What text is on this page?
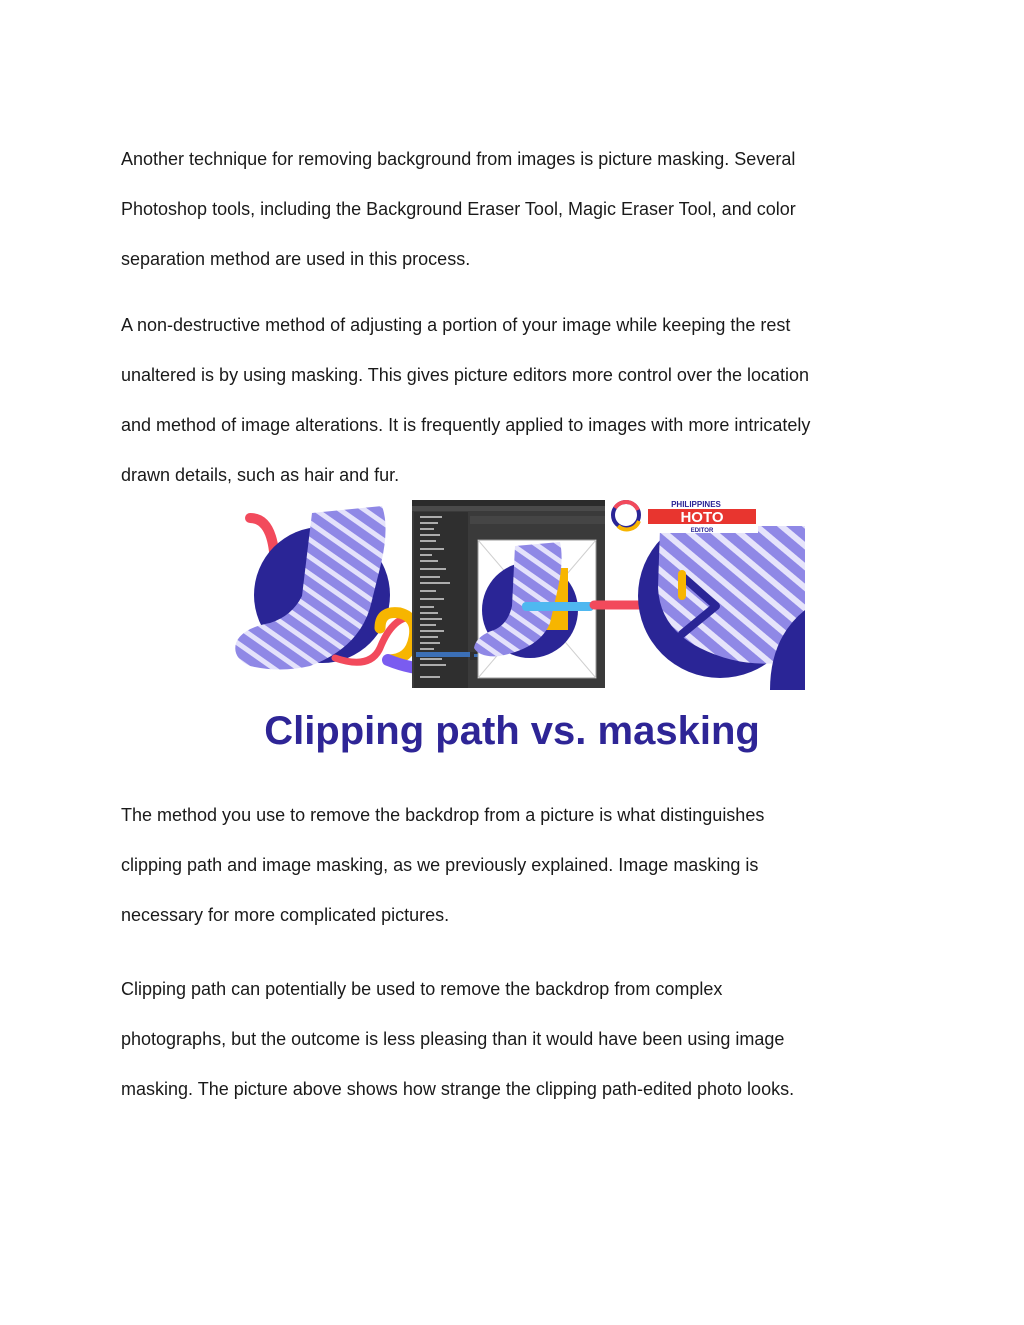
Another technique for removing background from images is picture masking. Several
Photoshop tools, including the Background Eraser Tool, Magic Eraser Tool, and color
separation method are used in this process.
A non-destructive method of adjusting a portion of your image while keeping the rest
unaltered is by using masking. This gives picture editors more control over the location
and method of image alterations. It is frequently applied to images with more intricately
drawn details, such as hair and fur.
PHILIPPINES
HOTO
EDITOR
Clipping path vs. masking
The method you use to remove the backdrop from a picture is what distinguishes
clipping path and image masking, as we previously explained. Image masking is
necessary for more complicated pictures.
Clipping path can potentially be used to remove the backdrop from complex
photographs, but the outcome is less pleasing than it would have been using image
masking. The picture above shows how strange the clipping path-edited photo looks.
